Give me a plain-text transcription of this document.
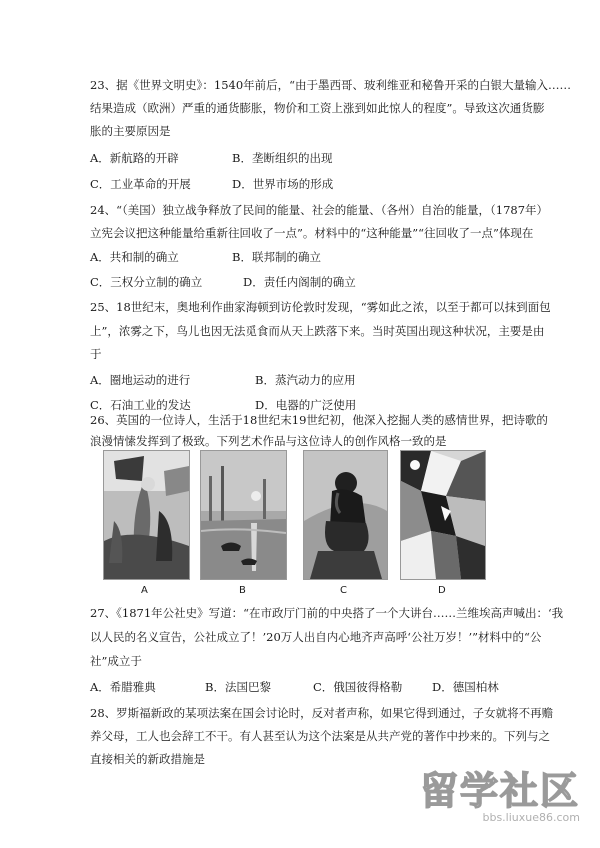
23、据《世界文明史》：1540年前后，“由于墨西哥、玻利维亚和秘鲁开采的白银大量输入……
结果造成（欧洲）严重的通货膨胀，物价和工资上涨到如此惊人的程度”。导致这次通货膨
胀的主要原因是
A．新航路的开辟	B．垄断组织的出现
C．工业革命的开展	D．世界市场的形成
24、“（美国）独立战争释放了民间的能量、社会的能量、（各州）自治的能量，（1787年）
立宪会议把这种能量给重新往回收了一点”。材料中的“这种能量”“往回收了一点”体现在
A．共和制的确立	B．联邦制的确立
C．三权分立制的确立	D．责任内阁制的确立
25、18世纪末，奥地利作曲家海顿到访伦敦时发现，“雾如此之浓，以至于都可以抹到面包
上”，浓雾之下，鸟儿也因无法觅食而从天上跌落下来。当时英国出现这种状况，主要是由
于
A．圈地运动的进行	B．蒸汽动力的应用
C．石油工业的发达	D．电器的广泛使用
26、英国的一位诗人，生活于18世纪末19世纪初，他深入挖掘人类的感情世界，把诗歌的
浪漫情愫发挥到了极致。下列艺术作品与这位诗人的创作风格一致的是
A	B	C	D
27、《1871年公社史》写道：“在市政厅门前的中央搭了一个大讲台……兰维埃高声喊出：‘我
以人民的名义宣告，公社成立了！’20万人出自内心地齐声高呼‘公社万岁！’”材料中的“公
社”成立于
A．希腊雅典	B．法国巴黎	C．俄国彼得格勒	D．德国柏林
28、罗斯福新政的某项法案在国会讨论时，反对者声称，如果它得到通过，子女就将不再赡
养父母，工人也会辞工不干。有人甚至认为这个法案是从共产党的著作中抄来的。下列与之
直接相关的新政措施是
留学社区
bbs.liuxue86.com
